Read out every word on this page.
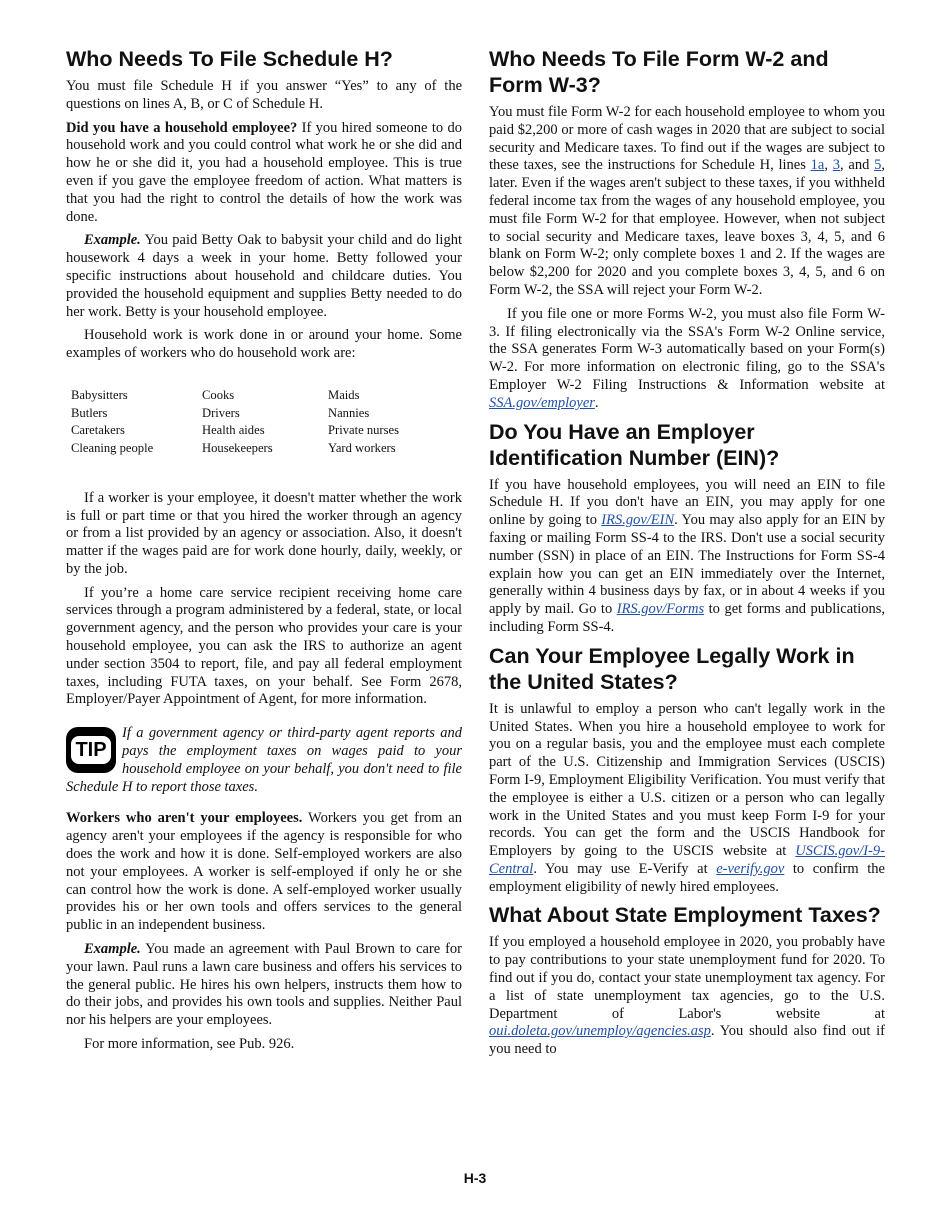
Who Needs To File Schedule H?

You must file Schedule H if you answer “Yes” to any of the questions on lines A, B, or C of Schedule H.

Did you have a household employee? If you hired someone to do household work and you could control what work he or she did and how he or she did it, you had a household employee. This is true even if you gave the employee freedom of action. What matters is that you had the right to control the details of how the work was done.

Example. You paid Betty Oak to babysit your child and do light housework 4 days a week in your home. Betty followed your specific instructions about household and childcare duties. You provided the household equipment and supplies Betty needed to do her work. Betty is your household employee.

Household work is work done in or around your home. Some examples of workers who do household work are:

Babysitters	Cooks	Maids
Butlers	Drivers	Nannies
Caretakers	Health aides	Private nurses
Cleaning people	Housekeepers	Yard workers

If a worker is your employee, it doesn't matter whether the work is full or part time or that you hired the worker through an agency or from a list provided by an agency or association. Also, it doesn't matter if the wages paid are for work done hourly, daily, weekly, or by the job.

If you’re a home care service recipient receiving home care services through a program administered by a federal, state, or local government agency, and the person who provides your care is your household employee, you can ask the IRS to authorize an agent under section 3504 to report, file, and pay all federal employment taxes, including FUTA taxes, on your behalf. See Form 2678, Employer/Payer Appointment of Agent, for more information.

TIP

If a government agency or third-party agent reports and pays the employment taxes on wages paid to your household employee on your behalf, you don't need to file Schedule H to report those taxes.

Workers who aren't your employees. Workers you get from an agency aren't your employees if the agency is responsible for who does the work and how it is done. Self-employed workers are also not your employees. A worker is self-employed if only he or she can control how the work is done. A self-employed worker usually provides his or her own tools and offers services to the general public in an independent business.

Example. You made an agreement with Paul Brown to care for your lawn. Paul runs a lawn care business and offers his services to the general public. He hires his own helpers, instructs them how to do their jobs, and provides his own tools and supplies. Neither Paul nor his helpers are your employees.

For more information, see Pub. 926.

Who Needs To File Form W-2 and Form W-3?

You must file Form W-2 for each household employee to whom you paid $2,200 or more of cash wages in 2020 that are subject to social security and Medicare taxes. To find out if the wages are subject to these taxes, see the instructions for Schedule H, lines 1a, 3, and 5, later. Even if the wages aren't subject to these taxes, if you withheld federal income tax from the wages of any household employee, you must file Form W-2 for that employee. However, when not subject to social security and Medicare taxes, leave boxes 3, 4, 5, and 6 blank on Form W-2; only complete boxes 1 and 2. If the wages are below $2,200 for 2020 and you complete boxes 3, 4, 5, and 6 on Form W-2, the SSA will reject your Form W-2.

If you file one or more Forms W-2, you must also file Form W-3. If filing electronically via the SSA's Form W-2 Online service, the SSA generates Form W-3 automatically based on your Form(s) W-2. For more information on electronic filing, go to the SSA's Employer W-2 Filing Instructions & Information website at SSA.gov/employer.

Do You Have an Employer Identification Number (EIN)?

If you have household employees, you will need an EIN to file Schedule H. If you don't have an EIN, you may apply for one online by going to IRS.gov/EIN. You may also apply for an EIN by faxing or mailing Form SS-4 to the IRS. Don't use a social security number (SSN) in place of an EIN. The Instructions for Form SS-4 explain how you can get an EIN immediately over the Internet, generally within 4 business days by fax, or in about 4 weeks if you apply by mail. Go to IRS.gov/Forms to get forms and publications, including Form SS-4.

Can Your Employee Legally Work in the United States?

It is unlawful to employ a person who can't legally work in the United States. When you hire a household employee to work for you on a regular basis, you and the employee must each complete part of the U.S. Citizenship and Immigration Services (USCIS) Form I-9, Employment Eligibility Verification. You must verify that the employee is either a U.S. citizen or a person who can legally work in the United States and you must keep Form I-9 for your records. You can get the form and the USCIS Handbook for Employers by going to the USCIS website at USCIS.gov/I-9-Central. You may use E-Verify at e-verify.gov to confirm the employment eligibility of newly hired employees.

What About State Employment Taxes?

If you employed a household employee in 2020, you probably have to pay contributions to your state unemployment fund for 2020. To find out if you do, contact your state unemployment tax agency. For a list of state unemployment tax agencies, go to the U.S. Department of Labor's website at oui.doleta.gov/unemploy/agencies.asp. You should also find out if you need to

H-3
